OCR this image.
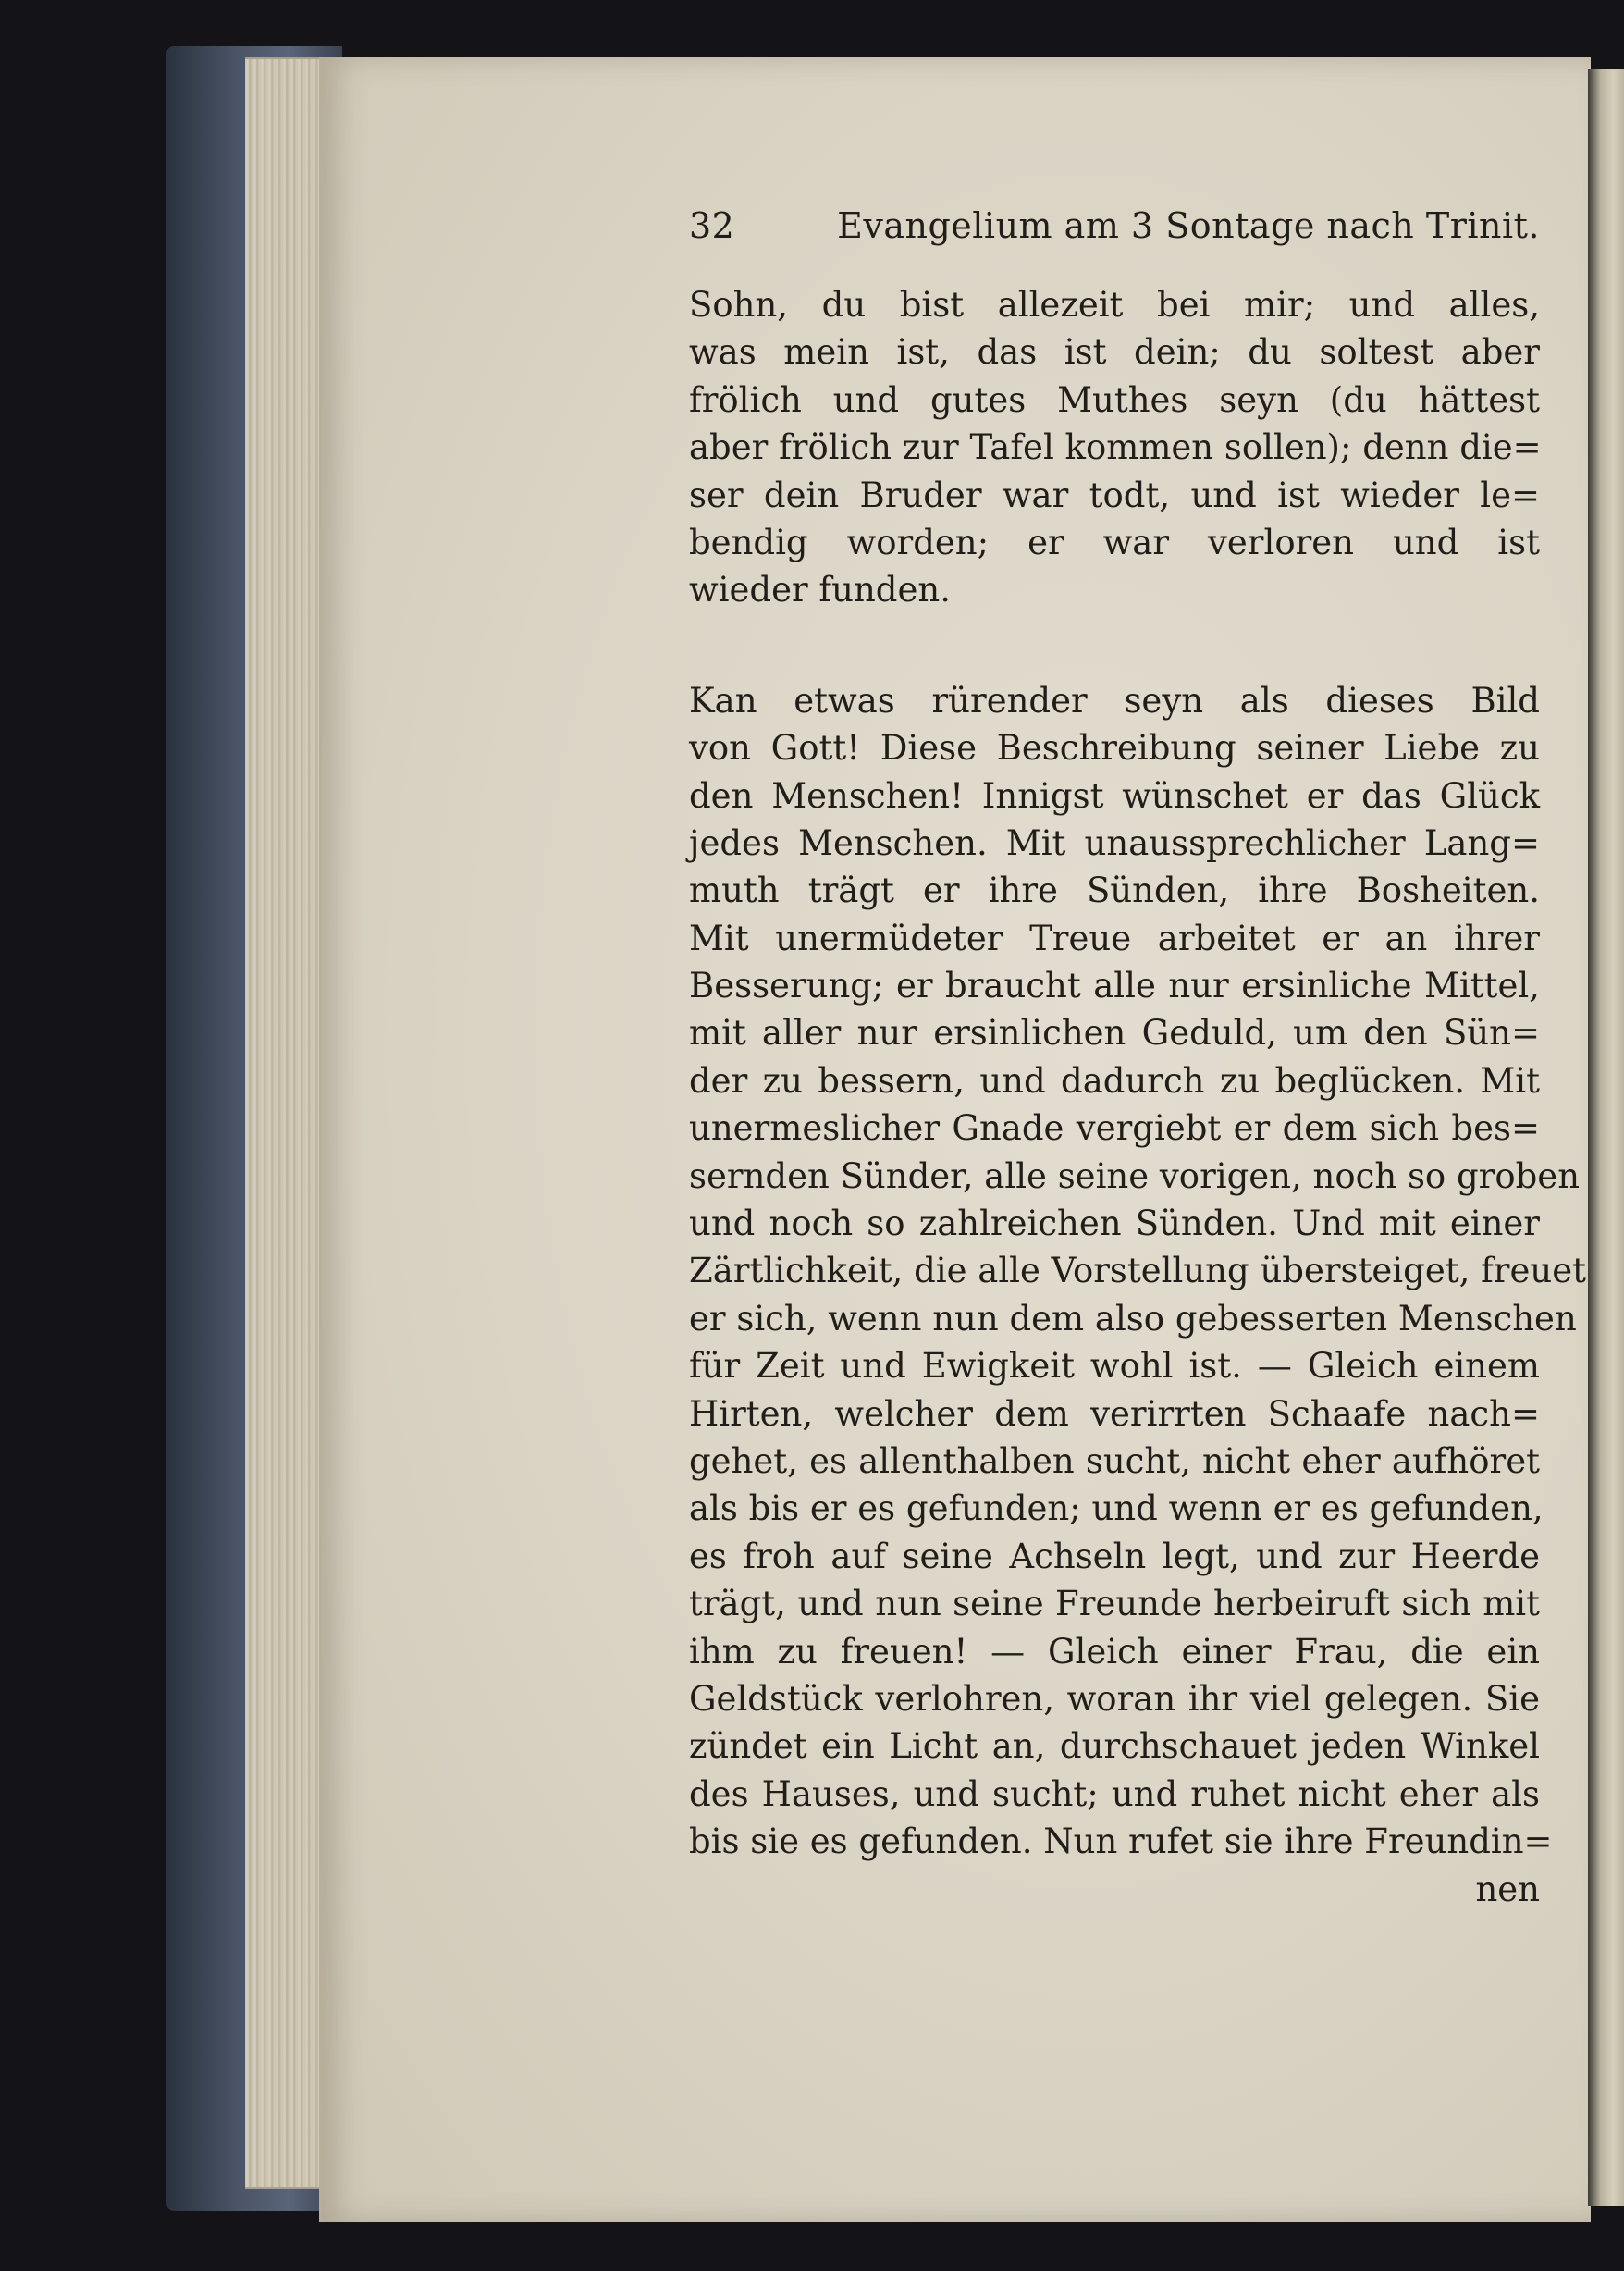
32	Evangelium am 3 Sontage nach Trinit.
Sohn, du bist allezeit bei mir; und alles,
was mein ist, das ist dein; du soltest aber
frölich und gutes Muthes seyn (du hättest
aber frölich zur Tafel kommen sollen); denn die=
ser dein Bruder war todt, und ist wieder le=
bendig worden; er war verloren und ist
wieder funden.
Kan etwas rürender seyn als dieses Bild
von Gott! Diese Beschreibung seiner Liebe zu
den Menschen! Innigst wünschet er das Glück
jedes Menschen. Mit unaussprechlicher Lang=
muth trägt er ihre Sünden, ihre Bosheiten.
Mit unermüdeter Treue arbeitet er an ihrer
Besserung; er braucht alle nur ersinliche Mittel,
mit aller nur ersinlichen Geduld, um den Sün=
der zu bessern, und dadurch zu beglücken. Mit
unermeslicher Gnade vergiebt er dem sich bes=
sernden Sünder, alle seine vorigen, noch so groben
und noch so zahlreichen Sünden. Und mit einer
Zärtlichkeit, die alle Vorstellung übersteiget, freuet
er sich, wenn nun dem also gebesserten Menschen
für Zeit und Ewigkeit wohl ist. — Gleich einem
Hirten, welcher dem verirrten Schaafe nach=
gehet, es allenthalben sucht, nicht eher aufhöret
als bis er es gefunden; und wenn er es gefunden,
es froh auf seine Achseln legt, und zur Heerde
trägt, und nun seine Freunde herbeiruft sich mit
ihm zu freuen! — Gleich einer Frau, die ein
Geldstück verlohren, woran ihr viel gelegen. Sie
zündet ein Licht an, durchschauet jeden Winkel
des Hauses, und sucht; und ruhet nicht eher als
bis sie es gefunden. Nun rufet sie ihre Freundin=
nen
